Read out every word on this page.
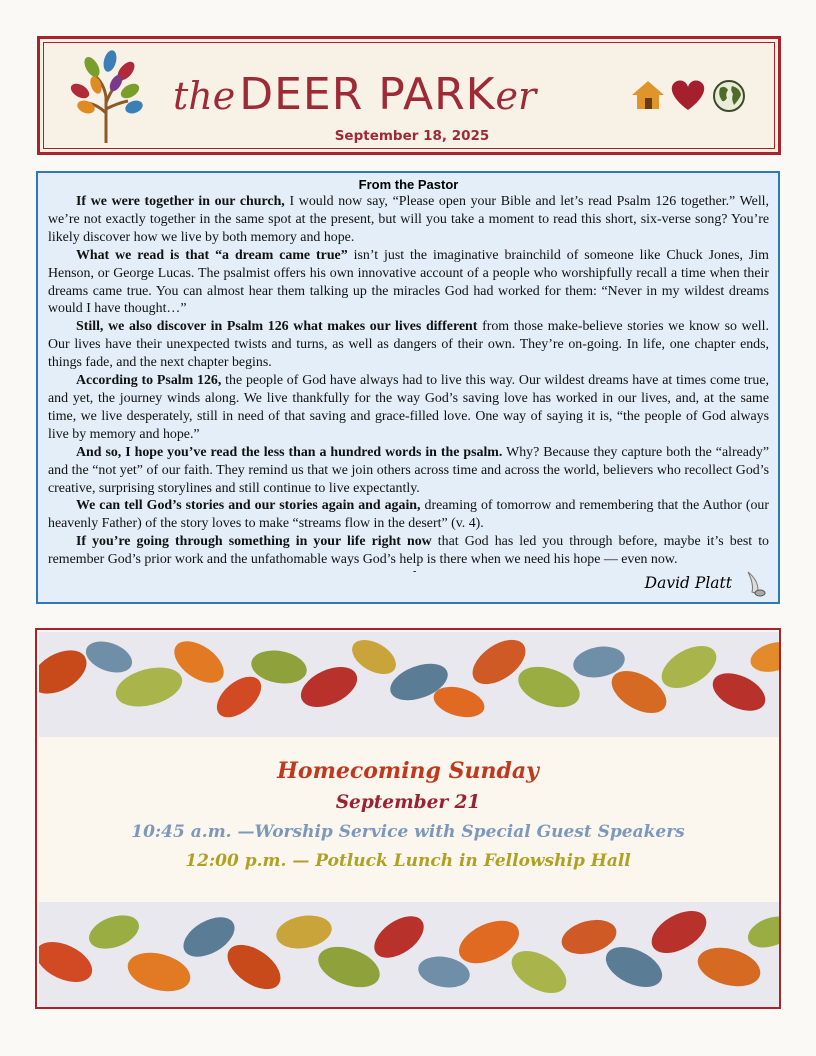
the DEER PARKer
September 18, 2025
From the Pastor

If we were together in our church, I would now say, “Please open your Bible and let’s read Psalm 126 together.” Well, we’re not exactly together in the same spot at the present, but will you take a moment to read this short, six-verse song? You’re likely discover how we live by both memory and hope.

What we read is that “a dream came true” isn’t just the imaginative brainchild of someone like Chuck Jones, Jim Henson, or George Lucas. The psalmist offers his own innovative account of a people who worshipfully recall a time when their dreams came true. You can almost hear them talking up the miracles God had worked for them: “Never in my wildest dreams would I have thought…”

Still, we also discover in Psalm 126 what makes our lives different from those make-believe stories we know so well. Our lives have their unexpected twists and turns, as well as dangers of their own. They’re on-going. In life, one chapter ends, things fade, and the next chapter begins.

According to Psalm 126, the people of God have always had to live this way. Our wildest dreams have at times come true, and yet, the journey winds along. We live thankfully for the way God’s saving love has worked in our lives, and, at the same time, we live desperately, still in need of that saving and grace-filled love. One way of saying it is, “the people of God always live by memory and hope.”

And so, I hope you’ve read the less than a hundred words in the psalm. Why? Because they capture both the “already” and the “not yet” of our faith. They remind us that we join others across time and across the world, believers who recollect God’s creative, surprising storylines and still continue to live expectantly.

We can tell God’s stories and our stories again and again, dreaming of tomorrow and remembering that the Author (our heavenly Father) of the story loves to make “streams flow in the desert” (v. 4).

If you’re going through something in your life right now that God has led you through before, maybe it’s best to remember God’s prior work and the unfathomable ways God’s help is there when we need his hope — even now.

-
David Platt
Homecoming Sunday
September 21
10:45 a.m. —Worship Service with Special Guest Speakers
12:00 p.m. — Potluck Lunch in Fellowship Hall
